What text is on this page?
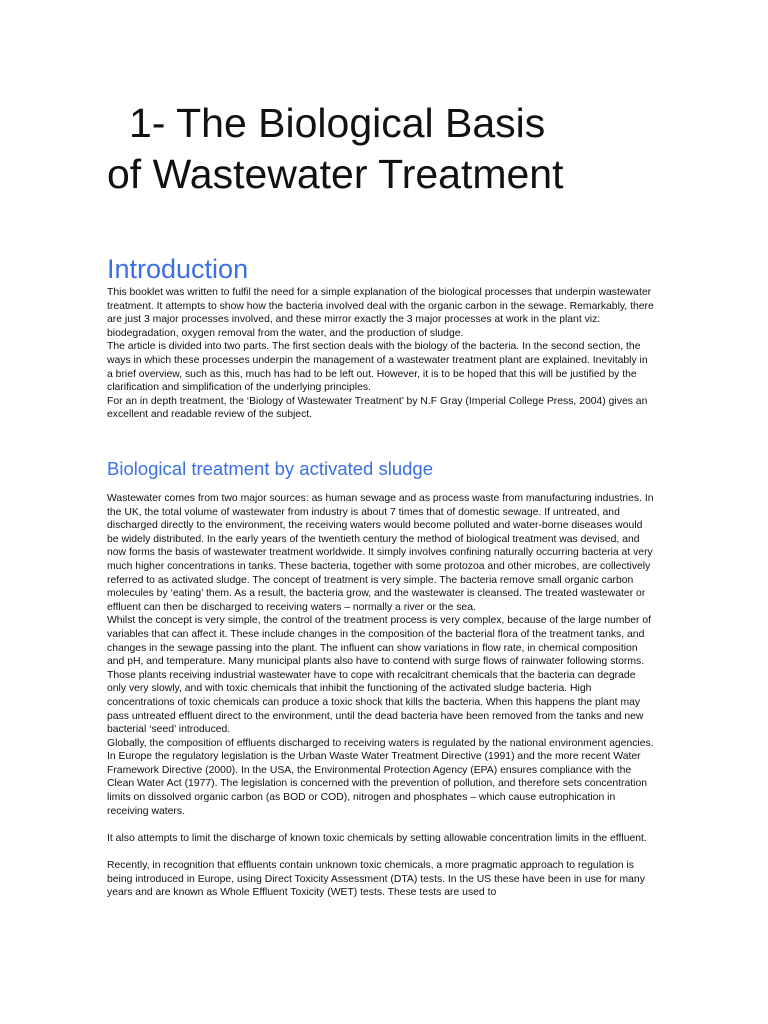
1- The Biological Basis
of Wastewater Treatment
Introduction

This booklet was written to fulfil the need for a simple explanation of the biological processes that underpin wastewater treatment. It attempts to show how the bacteria involved deal with the organic carbon in the sewage. Remarkably, there

are just 3 major processes involved, and these mirror exactly the 3 major processes at work in the plant viz: biodegradation, oxygen removal from the water, and the production of sludge.

The article is divided into two parts. The first section deals with the biology of the bacteria. In the second section, the ways in which these processes underpin the management of a wastewater treatment plant are explained. Inevitably in a brief overview, such as this, much has had to be left out. However, it is to be hoped that this will be justified by the clarification and simplification of the underlying principles.

For an in depth treatment, the ‘Biology of Wastewater Treatment’ by N.F Gray (Imperial College Press, 2004) gives an excellent and readable review of the subject.

Biological treatment by activated sludge

Wastewater comes from two major sources: as human sewage and as process waste from manufacturing industries. In the UK, the total volume of wastewater from industry is about 7 times that of domestic sewage. If untreated, and discharged directly to the environment, the receiving waters would become polluted and water-borne diseases would be widely distributed. In the early years of the twentieth century the method of biological treatment was devised, and now forms the basis of wastewater treatment worldwide. It simply involves confining naturally occurring bacteria at very much higher concentrations in tanks. These bacteria, together with some protozoa and other microbes, are collectively referred to as activated sludge. The concept of treatment is very simple. The bacteria remove small organic carbon molecules by ‘eating’ them. As a result, the bacteria grow, and the wastewater is cleansed. The treated wastewater or effluent can then be discharged to receiving waters – normally a river or the sea.

Whilst the concept is very simple, the control of the treatment process is very complex, because of the large number of variables that can affect it. These include changes in the composition of the bacterial flora of the treatment tanks, and changes in the sewage passing into the plant. The influent can show variations in flow rate, in chemical composition and pH, and temperature. Many municipal plants also have to contend with surge flows of rainwater following storms. Those plants receiving industrial wastewater have to cope with recalcitrant chemicals that the bacteria can degrade only very slowly, and with toxic chemicals that inhibit the functioning of the activated sludge bacteria. High concentrations of toxic chemicals can produce a toxic shock that kills the bacteria. When this happens the plant may pass untreated effluent direct to the environment, until the dead bacteria have been removed from the tanks and new bacterial ‘seed’ introduced.

Globally, the composition of effluents discharged to receiving waters is regulated by the national environment agencies. In Europe the regulatory legislation is the Urban Waste Water Treatment Directive (1991) and the more recent Water Framework Directive (2000). In the USA, the Environmental Protection Agency (EPA) ensures compliance with the Clean Water Act (1977). The legislation is concerned with the prevention of pollution, and therefore sets concentration limits on dissolved organic carbon (as BOD or COD), nitrogen and phosphates – which cause eutrophication in receiving waters.

It also attempts to limit the discharge of known toxic chemicals by setting allowable concentration limits in the effluent.

Recently, in recognition that effluents contain unknown toxic chemicals, a more pragmatic approach to regulation is being introduced in Europe, using Direct Toxicity Assessment (DTA) tests. In the US these have been in use for many years and are known as Whole Effluent Toxicity (WET) tests. These tests are used to
